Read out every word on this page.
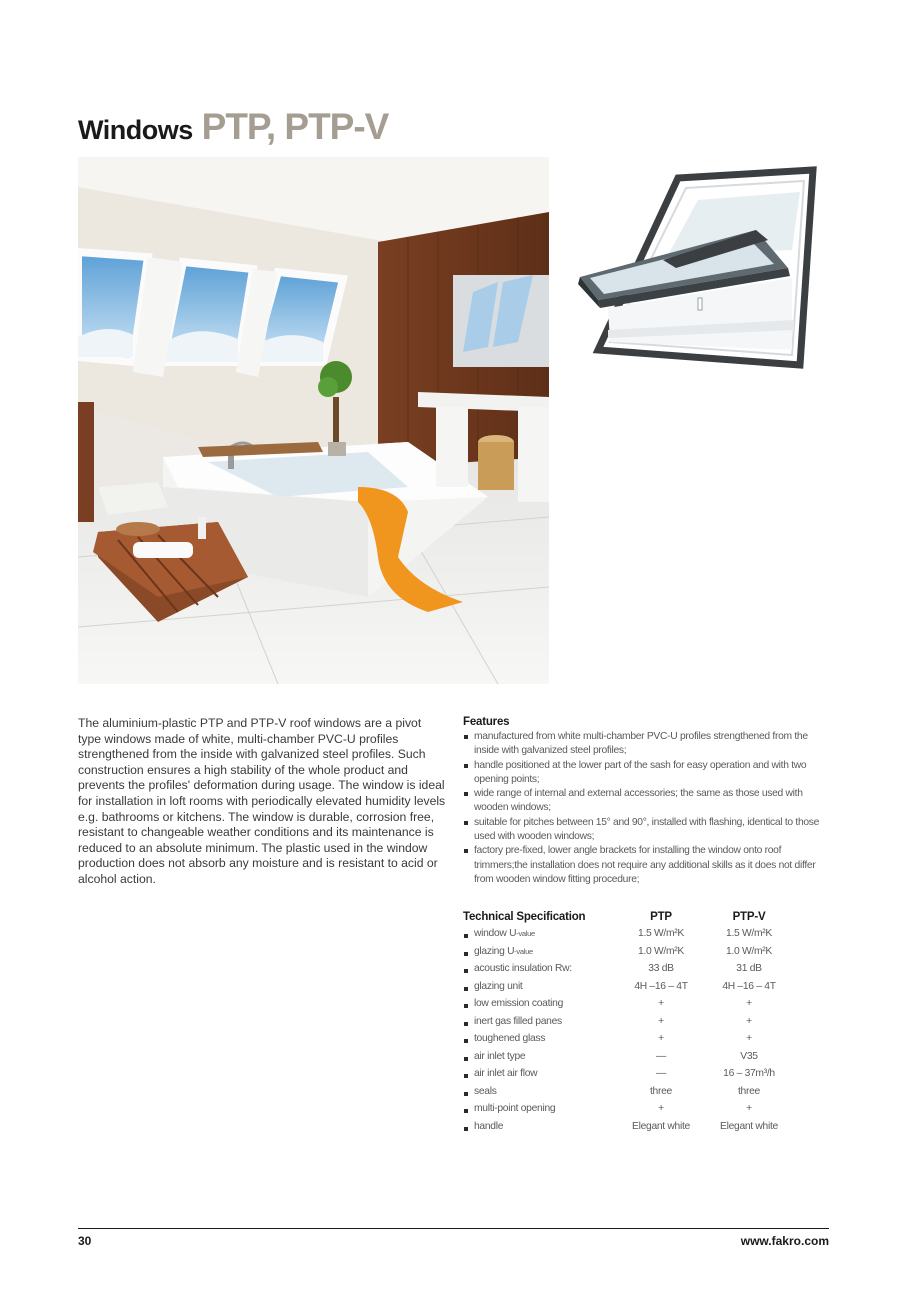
Windows PTP, PTP-V

The aluminium-plastic PTP and PTP-V roof windows are a pivot type windows made of white, multi-chamber PVC-U profiles strengthened from the inside with galvanized steel profiles. Such construction ensures a high stability of the whole product and prevents the profiles' deformation during usage. The window is ideal for installation in loft rooms with periodically elevated humidity levels e.g. bathrooms or kitchens. The window is durable, corrosion free, resistant to changeable weather conditions and its maintenance is reduced to an absolute minimum. The plastic used in the window production does not absorb any moisture and is resistant to acid or alcohol action.

Features
manufactured from white multi-chamber PVC-U profiles strengthened from the inside with galvanized steel profiles;
handle positioned at the lower part of the sash for easy operation and with two opening points;
wide range of internal and external accessories; the same as those used with wooden windows;
suitable for pitches between 15° and 90°, installed with flashing, identical to those used with wooden windows;
factory pre-fixed, lower angle brackets for installing the window onto roof trimmers;the installation does not require any additional skills as it does not differ from wooden window fitting procedure;
Technical Specification	PTP	PTP-V
window U-value	1.5 W/m²K	1.5 W/m²K
glazing U-value	1.0 W/m²K	1.0 W/m²K
acoustic insulation Rw:	33 dB	31 dB
glazing unit	4H –16 – 4T	4H –16 – 4T
low emission coating	+	+
inert gas filled panes	+	+
toughened glass	+	+
air inlet type	—	V35
air inlet air flow	—	16 – 37m³/h
seals	three	three
multi-point opening	+	+
handle	Elegant white	Elegant white
30	www.fakro.com
